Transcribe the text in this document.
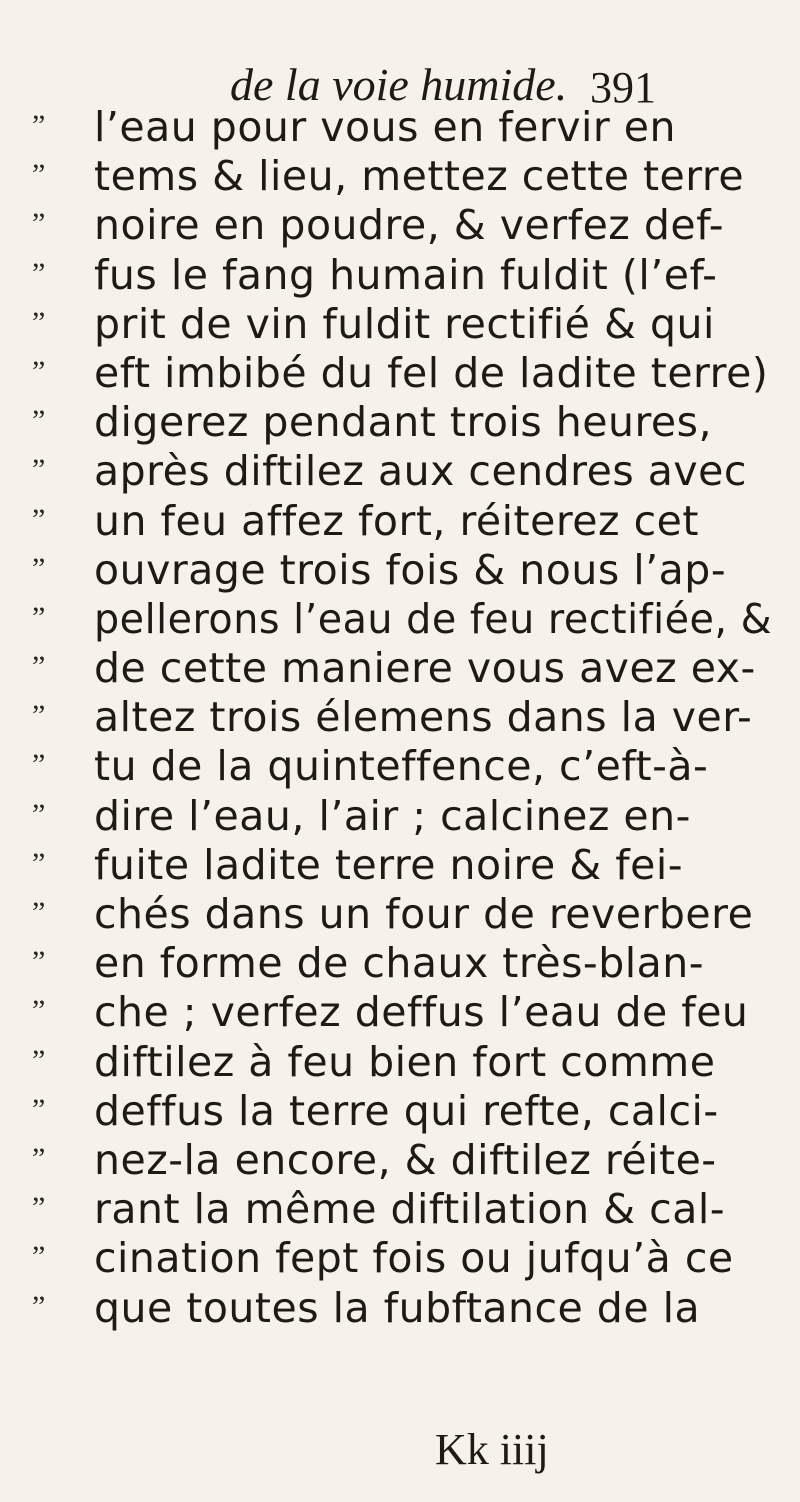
de la voie humide. 391
” l’eau pour vous en fervir en
” tems & lieu, mettez cette terre
” noire en poudre, & verfez def-
” fus le fang humain fuldit (l’ef-
” prit de vin fuldit rectifié & qui
” eft imbibé du fel de ladite terre)
” digerez pendant trois heures,
” après diftilez aux cendres avec
” un feu affez fort, réiterez cet
” ouvrage trois fois & nous l’ap-
” pellerons l’eau de feu rectifiée, &
” de cette maniere vous avez ex-
” altez trois élemens dans la ver-
” tu de la quinteffence, c’eft-à-
” dire l’eau, l’air ; calcinez en-
” fuite ladite terre noire & fei-
” chés dans un four de reverbere
” en forme de chaux très-blan-
” che ; verfez deffus l’eau de feu
” diftilez à feu bien fort comme
” deffus la terre qui refte, calci-
” nez-la encore, & diftilez réite-
” rant la même diftilation & cal-
” cination fept fois ou jufqu’à ce
” que toutes la fubftance de la
Kk iiij
